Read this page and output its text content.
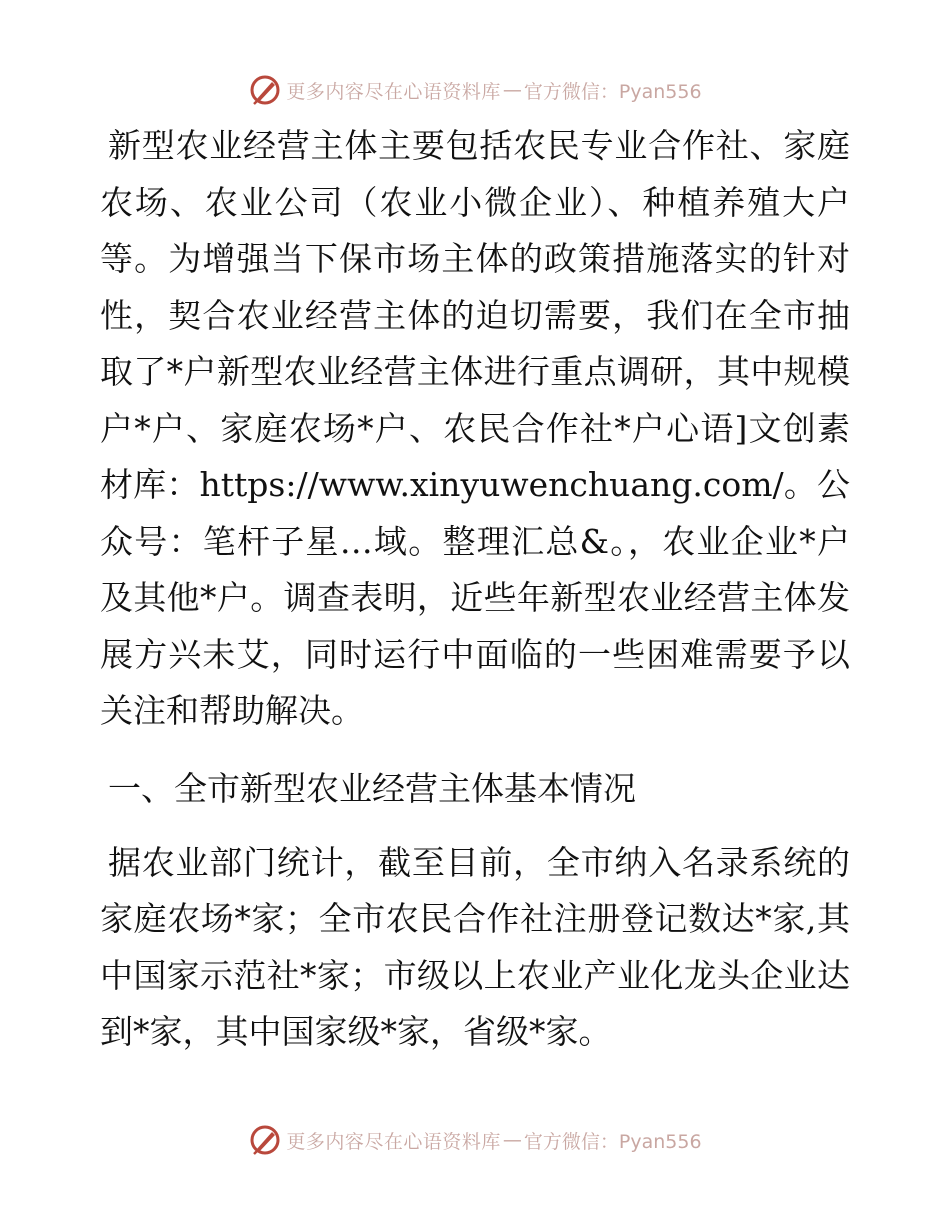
更多内容尽在心语资料库 — 官方微信：Pyan556

新型农业经营主体主要包括农民专业合作社、家庭农场、农业公司（农业小微企业）、种植养殖大户等。为增强当下保市场主体的政策措施落实的针对性，契合农业经营主体的迫切需要，我们在全市抽取了*户新型农业经营主体进行重点调研，其中规模户*户、家庭农场*户、农民合作社*户心语]文创素材库：https://www.xinyuwenchuang.com/。公众号：笔杆子星…域。整理汇总&。，农业企业*户及其他*户。调查表明，近些年新型农业经营主体发展方兴未艾，同时运行中面临的一些困难需要予以关注和帮助解决。

一、全市新型农业经营主体基本情况

据农业部门统计，截至目前，全市纳入名录系统的家庭农场*家；全市农民合作社注册登记数达*家,其中国家示范社*家；市级以上农业产业化龙头企业达到*家，其中国家级*家，省级*家。

更多内容尽在心语资料库 — 官方微信：Pyan556
